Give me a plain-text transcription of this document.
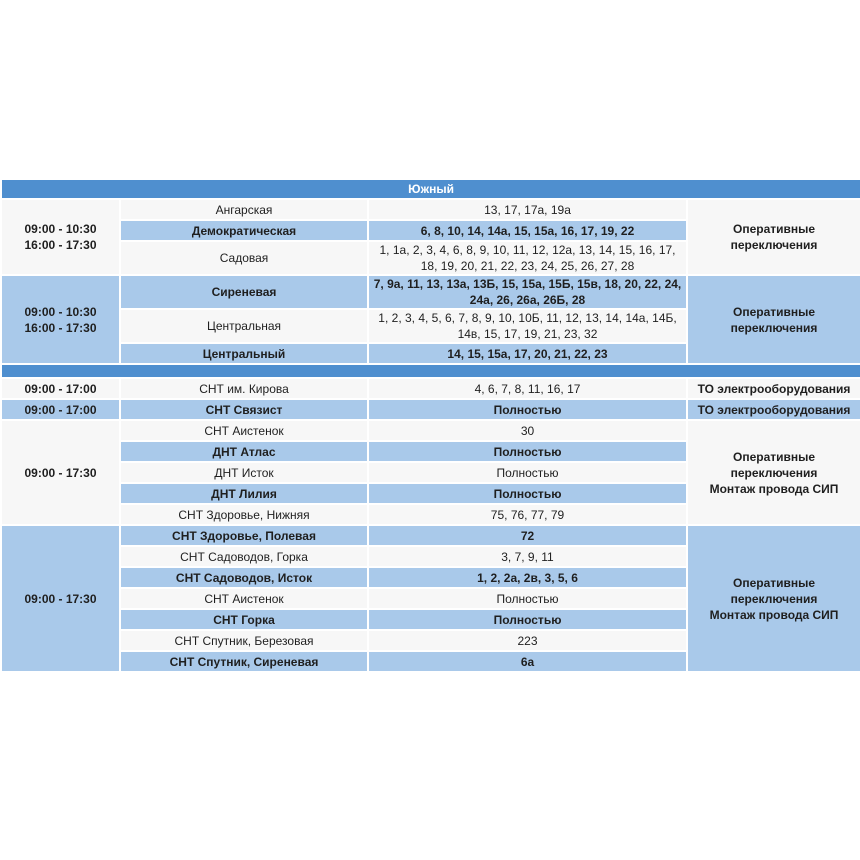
Южный			
09:00 - 10:30
16:00 - 17:30	Ангарская	13, 17, 17а, 19а	Оперативные
переключения
	Демократическая	6, 8, 10, 14, 14а, 15, 15а, 16, 17, 19, 22	
	Садовая	1, 1а, 2, 3, 4, 6, 8, 9, 10, 11, 12, 12а, 13, 14, 15, 16, 17, 18, 19, 20, 21, 22, 23, 24, 25, 26, 27, 28	
09:00 - 10:30
16:00 - 17:30	Сиреневая	7, 9а, 11, 13, 13а, 13Б, 15, 15а, 15Б, 15в, 18, 20, 22, 24, 24а, 26, 26а, 26Б, 28	Оперативные
переключения
	Центральная	1, 2, 3, 4, 5, 6, 7, 8, 9, 10, 10Б, 11, 12, 13, 14, 14а, 14Б, 14в, 15, 17, 19, 21, 23, 32	
	Центральный	14, 15, 15а, 17, 20, 21, 22, 23	

09:00 - 17:00	СНТ им. Кирова	4, 6, 7, 8, 11, 16, 17	ТО электрооборудования
09:00 - 17:00	СНТ Связист	Полностью	ТО электрооборудования
09:00 - 17:30	СНТ Аистенок	30	Оперативные
переключения
Монтаж провода СИП
	ДНТ Атлас	Полностью	
	ДНТ Исток	Полностью	
	ДНТ Лилия	Полностью	
	СНТ Здоровье, Нижняя	75, 76, 77, 79	
09:00 - 17:30	СНТ Здоровье, Полевая	72	Оперативные
переключения
Монтаж провода СИП
	СНТ Садоводов, Горка	3, 7, 9, 11	
	СНТ Садоводов, Исток	1, 2, 2а, 2в, 3, 5, 6	
	СНТ Аистенок	Полностью	
	СНТ Горка	Полностью	
	СНТ Спутник, Березовая	223	
	СНТ Спутник, Сиреневая	6а	
